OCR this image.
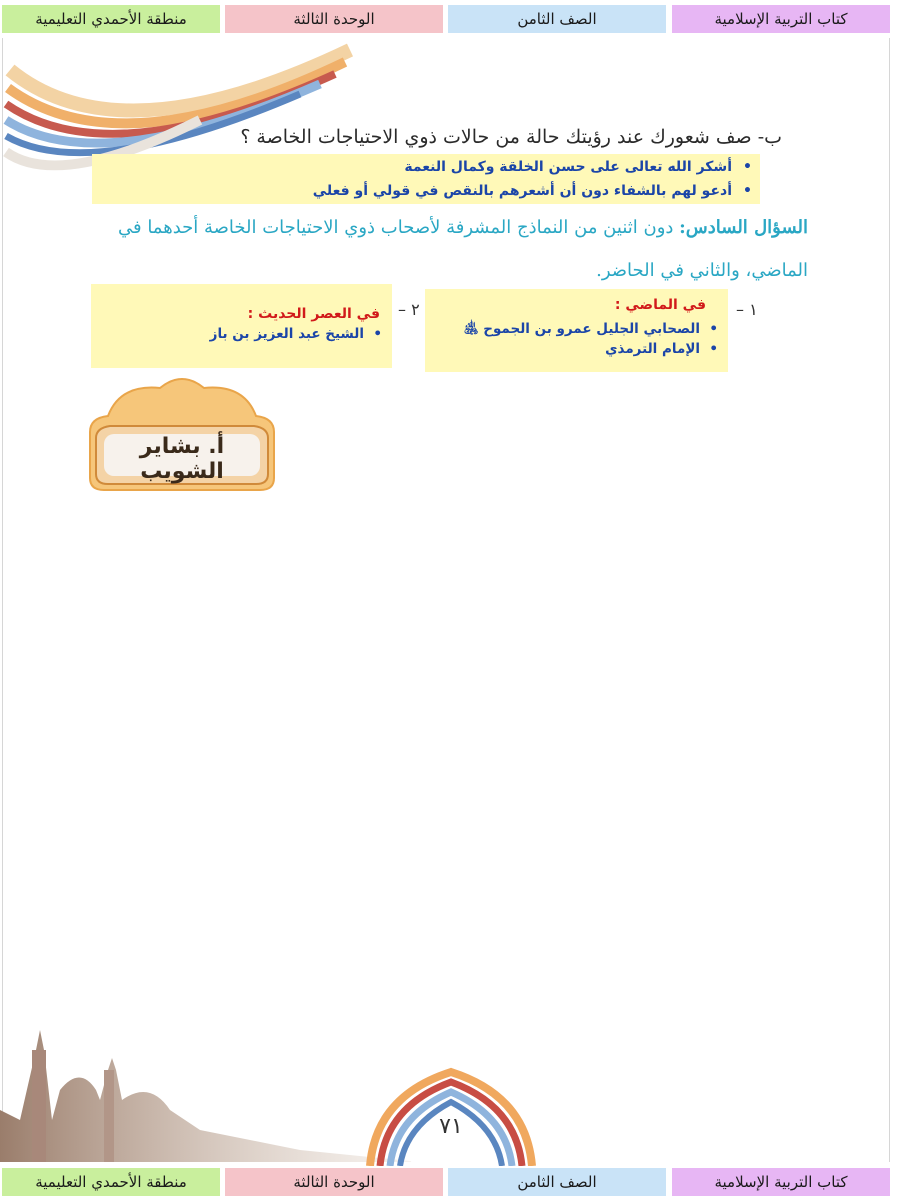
كتاب التربية الإسلامية
الصف الثامن
الوحدة الثالثة
منطقة الأحمدي التعليمية
ب- صف شعورك عند رؤيتك حالة من حالات ذوي الاحتياجات الخاصة ؟
• أشكر الله تعالى على حسن الخلقة وكمال النعمة
• أدعو لهم بالشفاء دون أن أشعرهم بالنقص في قولي أو فعلي
السؤال السادس: دون اثنين من النماذج المشرفة لأصحاب ذوي الاحتياجات الخاصة أحدهما في الماضي، والثاني في الحاضر.
١ –
٢ –	في الماضي :
• الصحابي الجليل عمرو بن الجموح ﵁
• الإمام الترمذي
في العصر الحديث :
• الشيخ عبد العزيز بن باز
أ. بشاير الشويب
٧١
كتاب التربية الإسلامية
الصف الثامن
الوحدة الثالثة
منطقة الأحمدي التعليمية
